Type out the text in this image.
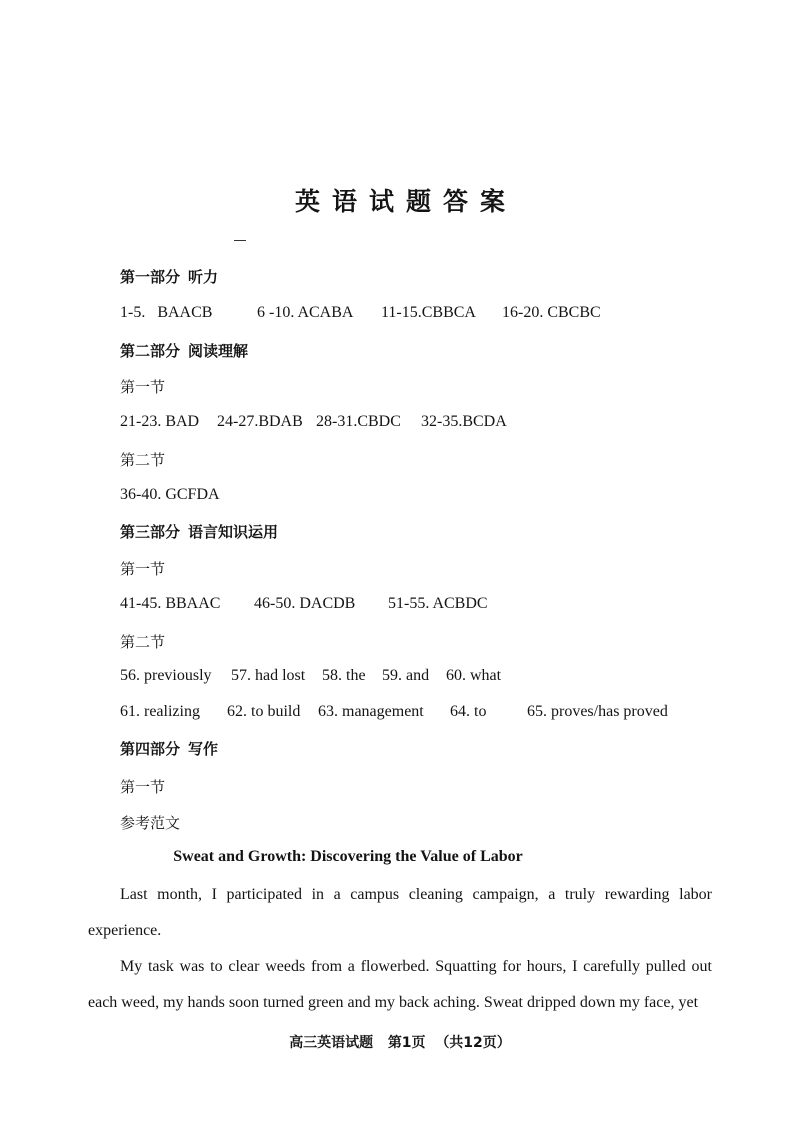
英语试题答案
第一部分 听力
1-5.   BAACB	6 -10. ACABA 11-15.CBBCA 16-20. CBCBC
第二部分 阅读理解
第一节
21-23. BAD 24-27.BDAB 28-31.CBDC 32-35.BCDA
第二节
36-40. GCFDA
第三部分 语言知识运用
第一节
41-45. BBAAC 46-50. DACDB 51-55. ACBDC
第二节
56. previously 57. had lost 58. the 59. and 60. what
61. realizing 62. to build 63. management 64. to	65. proves/has proved
第四部分 写作
第一节
参考范文
Sweat and Growth: Discovering the Value of Labor
Last month, I participated in a campus cleaning campaign, a truly rewarding labor experience.
My task was to clear weeds from a flowerbed. Squatting for hours, I carefully pulled out each weed, my hands soon turned green and my back aching. Sweat dripped down my face, yet
高三英语试题 第1页 （共12页）
